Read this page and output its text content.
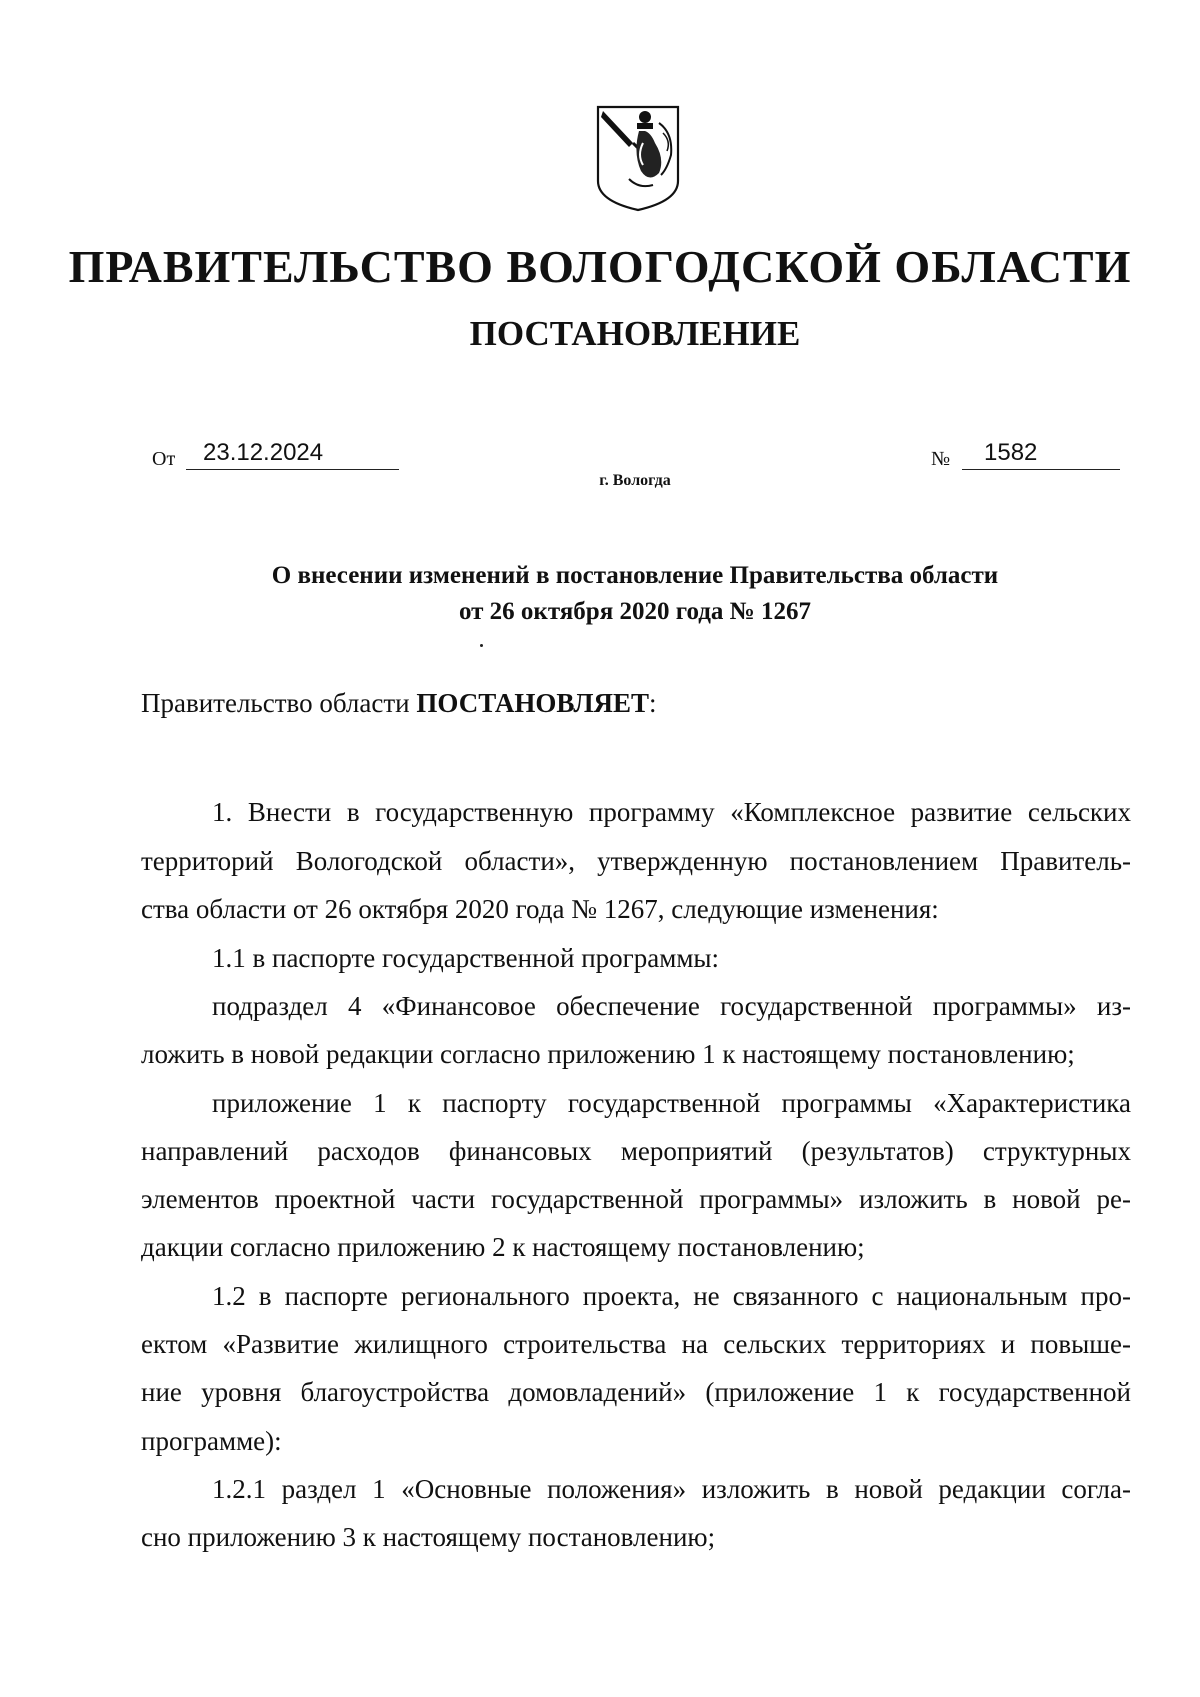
ПРАВИТЕЛЬСТВО ВОЛОГОДСКОЙ ОБЛАСТИ
ПОСТАНОВЛЕНИЕ
От	23.12.2024	№	1582
г. Вологда
О внесении изменений в постановление Правительства области
от 26 октября 2020 года № 1267
Правительство области ПОСТАНОВЛЯЕТ:
1. Внести в государственную программу «Комплексное развитие сельских
территорий Вологодской области», утвержденную постановлением Правитель-
ства области от 26 октября 2020 года № 1267, следующие изменения:
1.1 в паспорте государственной программы:
подраздел 4 «Финансовое обеспечение государственной программы» из-
ложить в новой редакции согласно приложению 1 к настоящему постановлению;
приложение 1 к паспорту государственной программы «Характеристика
направлений расходов финансовых мероприятий (результатов) структурных
элементов проектной части государственной программы» изложить в новой ре-
дакции согласно приложению 2 к настоящему постановлению;
1.2 в паспорте регионального проекта, не связанного с национальным про-
ектом «Развитие жилищного строительства на сельских территориях и повыше-
ние уровня благоустройства домовладений» (приложение 1 к государственной
программе):
1.2.1 раздел 1 «Основные положения» изложить в новой редакции согла-
сно приложению 3 к настоящему постановлению;
